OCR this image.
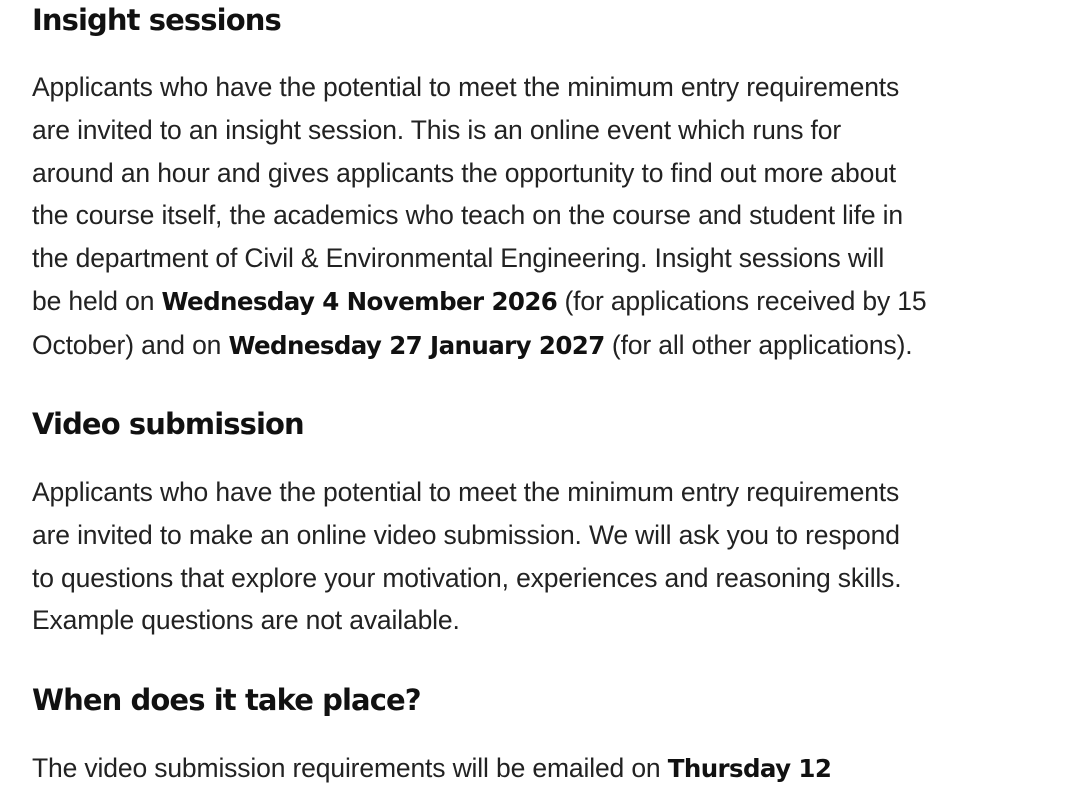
Insight sessions

Applicants who have the potential to meet the minimum entry requirements
are invited to an insight session. This is an online event which runs for
around an hour and gives applicants the opportunity to find out more about
the course itself, the academics who teach on the course and student life in
the department of Civil & Environmental Engineering. Insight sessions will
be held on Wednesday 4 November 2026 (for applications received by 15
October) and on Wednesday 27 January 2027 (for all other applications).

Video submission

Applicants who have the potential to meet the minimum entry requirements
are invited to make an online video submission. We will ask you to respond
to questions that explore your motivation, experiences and reasoning skills.
Example questions are not available.

When does it take place?

The video submission requirements will be emailed on Thursday 12
